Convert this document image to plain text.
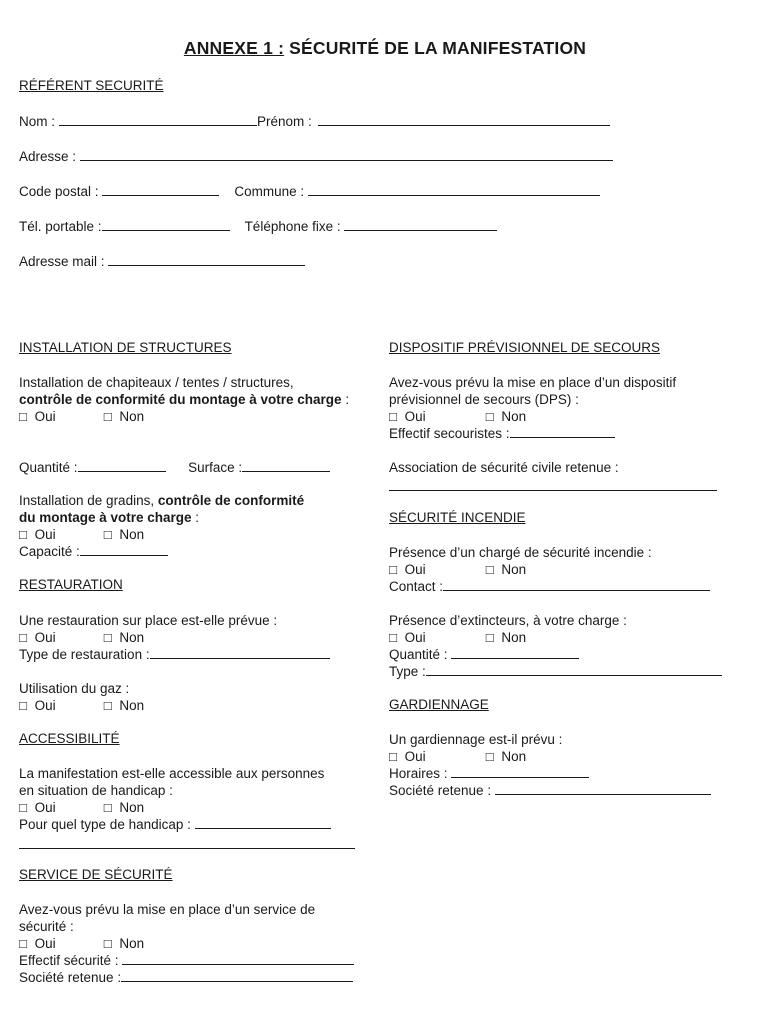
ANNEXE 1 : SÉCURITÉ DE LA MANIFESTATION
RÉFÉRENT SECURITÉ
Nom :	Prénom :
Adresse :
Code postal :	Commune :
Tél. portable :	Téléphone fixe :
Adresse mail :
INSTALLATION DE STRUCTURES
Installation de chapiteaux / tentes / structures,
contrôle de conformité du montage à votre charge :
□ Oui	□ Non
Quantité :	Surface :
Installation de gradins, contrôle de conformité
du montage à votre charge :
□ Oui	□ Non
Capacité :
RESTAURATION
Une restauration sur place est-elle prévue :
□ Oui	□ Non
Type de restauration :
Utilisation du gaz :
□ Oui	□ Non
ACCESSIBILITÉ
La manifestation est-elle accessible aux personnes
en situation de handicap :
□ Oui	□ Non
Pour quel type de handicap :
SERVICE DE SÉCURITÉ
Avez-vous prévu la mise en place d’un service de
sécurité :
□ Oui	□ Non
Effectif sécurité :
Société retenue :
DISPOSITIF PRÉVISIONNEL DE SECOURS
Avez-vous prévu la mise en place d’un dispositif
prévisionnel de secours (DPS) :
□ Oui	□ Non
Effectif secouristes :
Association de sécurité civile retenue :
SÉCURITÉ INCENDIE
Présence d’un chargé de sécurité incendie :
□ Oui	□ Non
Contact :
Présence d’extincteurs, à votre charge :
□ Oui	□ Non
Quantité :
Type :
GARDIENNAGE
Un gardiennage est-il prévu :
□ Oui	□ Non
Horaires :
Société retenue :
